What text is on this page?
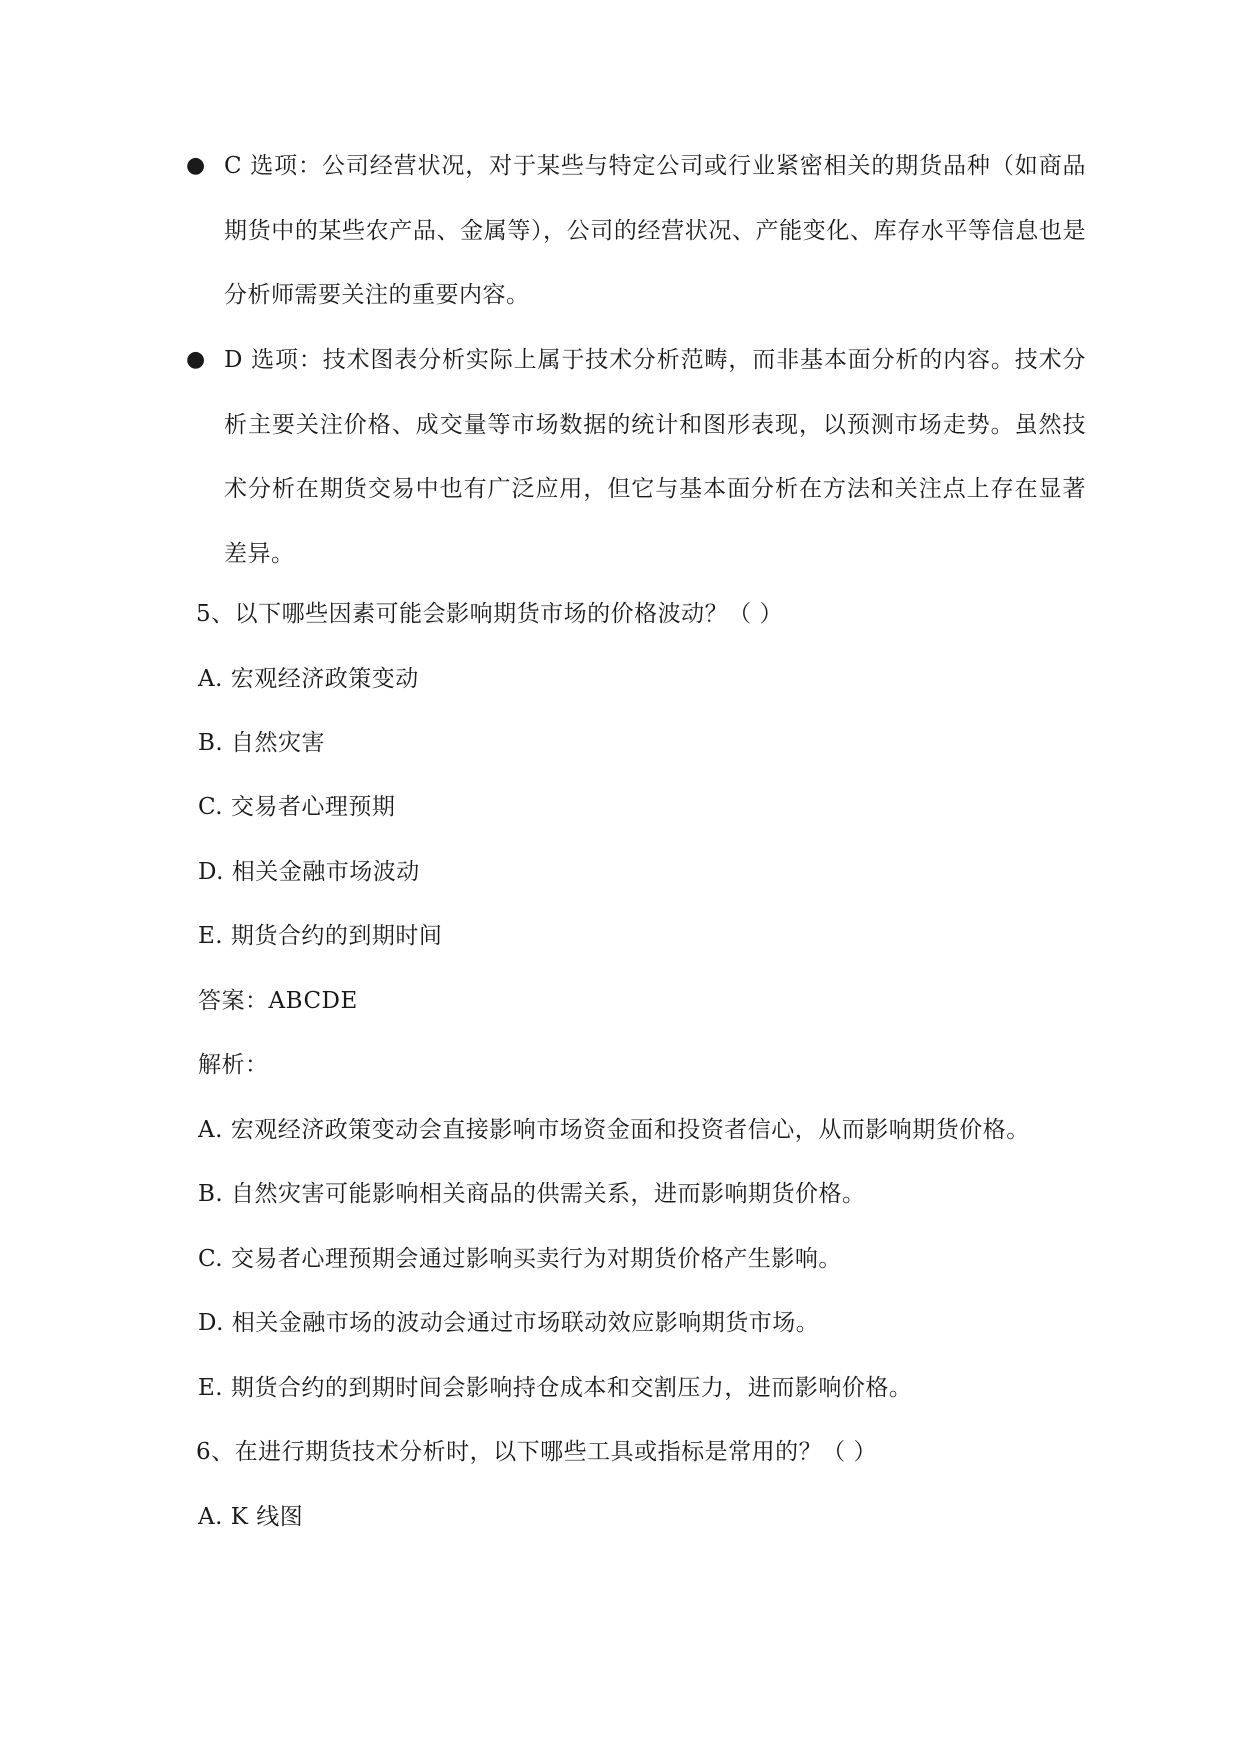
● C 选项：公司经营状况，对于某些与特定公司或行业紧密相关的期货品种（如商品期货中的某些农产品、金属等），公司的经营状况、产能变化、库存水平等信息也是分析师需要关注的重要内容。
● D 选项：技术图表分析实际上属于技术分析范畴，而非基本面分析的内容。技术分析主要关注价格、成交量等市场数据的统计和图形表现，以预测市场走势。虽然技术分析在期货交易中也有广泛应用，但它与基本面分析在方法和关注点上存在显著差异。
5、以下哪些因素可能会影响期货市场的价格波动？（ ）
A. 宏观经济政策变动
B. 自然灾害
C. 交易者心理预期
D. 相关金融市场波动
E. 期货合约的到期时间
答案：ABCDE
解析：
A. 宏观经济政策变动会直接影响市场资金面和投资者信心，从而影响期货价格。
B. 自然灾害可能影响相关商品的供需关系，进而影响期货价格。
C. 交易者心理预期会通过影响买卖行为对期货价格产生影响。
D. 相关金融市场的波动会通过市场联动效应影响期货市场。
E. 期货合约的到期时间会影响持仓成本和交割压力，进而影响价格。
6、在进行期货技术分析时，以下哪些工具或指标是常用的？（ ）
A. K 线图
